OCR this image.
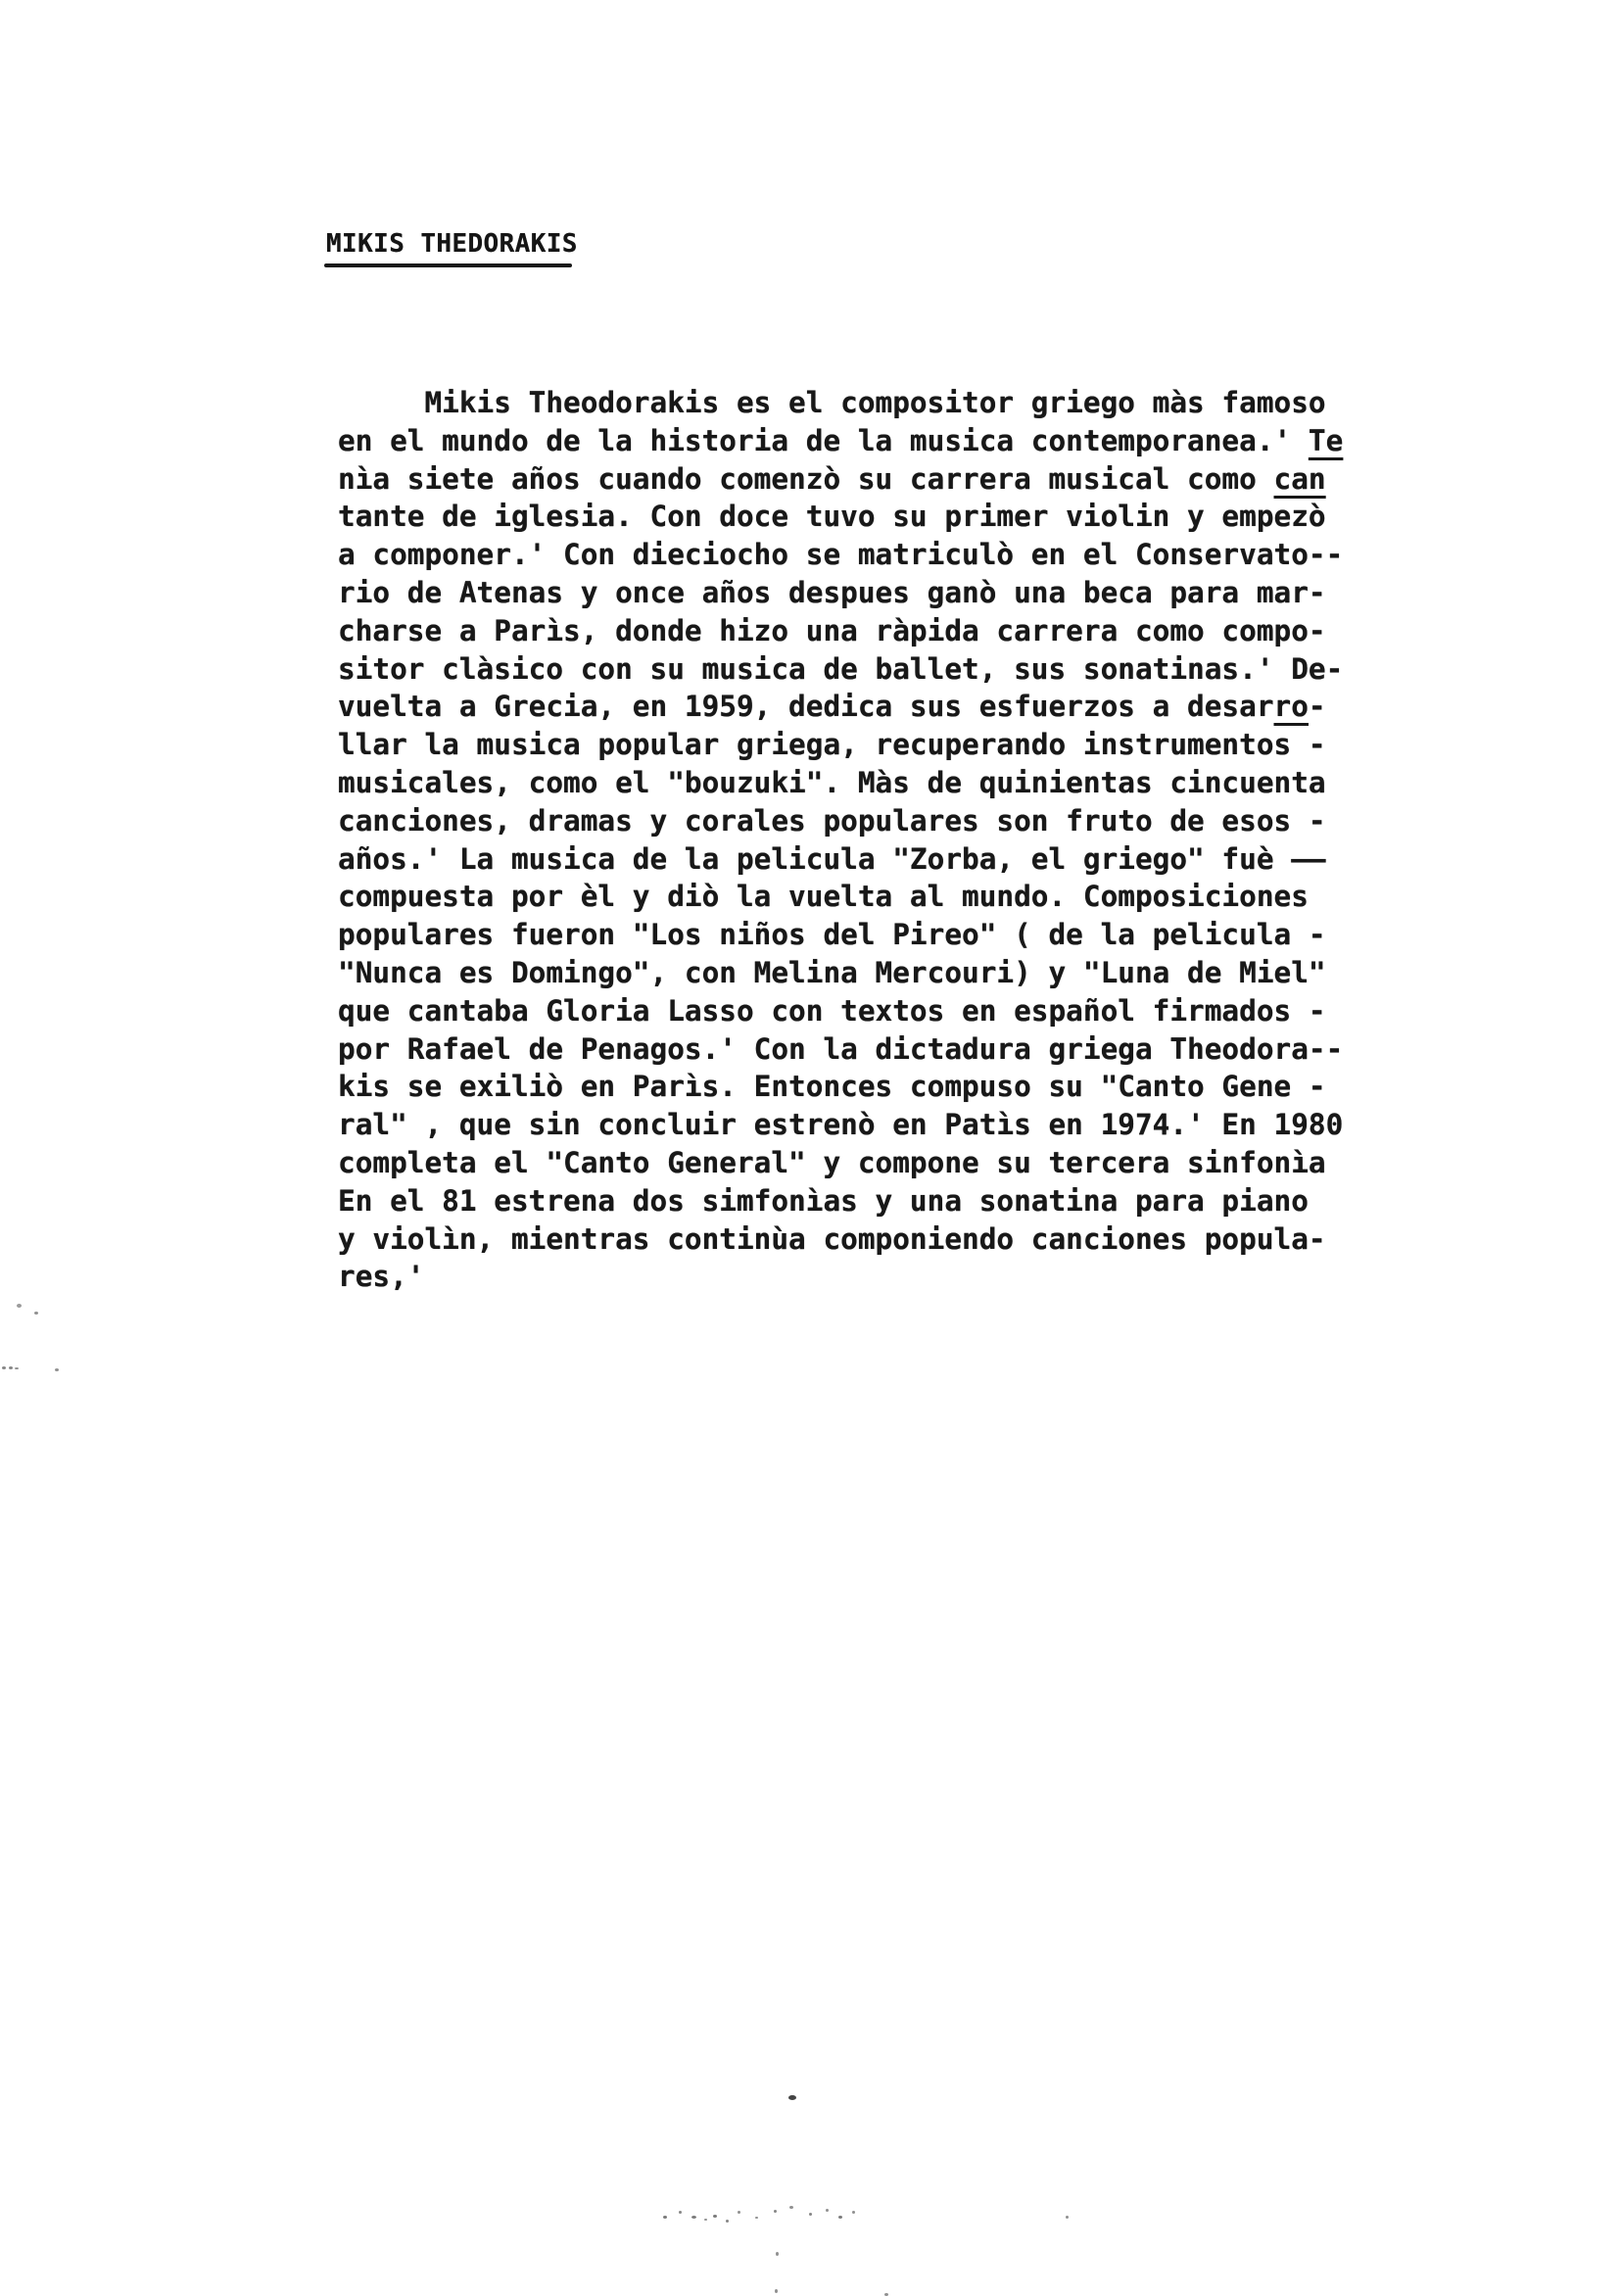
MIKIS THEDORAKIS
Mikis Theodorakis es el compositor griego màs famoso
en el mundo de la historia de la musica contemporanea.' Te
nìa siete años cuando comenzò su carrera musical como can
tante de iglesia. Con doce tuvo su primer violin y empezò
a componer.' Con dieciocho se matriculò en el Conservato--
rio de Atenas y once años despues ganò una beca para mar-
charse a Parìs, donde hizo una ràpida carrera como compo-
sitor clàsico con su musica de ballet, sus sonatinas.' De-
vuelta a Grecia, en 1959, dedica sus esfuerzos a desarro-
llar la musica popular griega, recuperando instrumentos -
musicales, como el "bouzuki". Màs de quinientas cincuenta
canciones, dramas y corales populares son fruto de esos -
años.' La musica de la pelicula "Zorba, el griego" fuè ——
compuesta por èl y diò la vuelta al mundo. Composiciones
populares fueron "Los niños del Pireo" ( de la pelicula -
"Nunca es Domingo", con Melina Mercouri) y "Luna de Miel"
que cantaba Gloria Lasso con textos en español firmados -
por Rafael de Penagos.' Con la dictadura griega Theodora--
kis se exiliò en Parìs. Entonces compuso su "Canto Gene -
ral" , que sin concluir estrenò en Patìs en 1974.' En 1980
completa el "Canto General" y compone su tercera sinfonìa
En el 81 estrena dos simfonìas y una sonatina para piano
y violìn, mientras continùa componiendo canciones popula-
res,'
